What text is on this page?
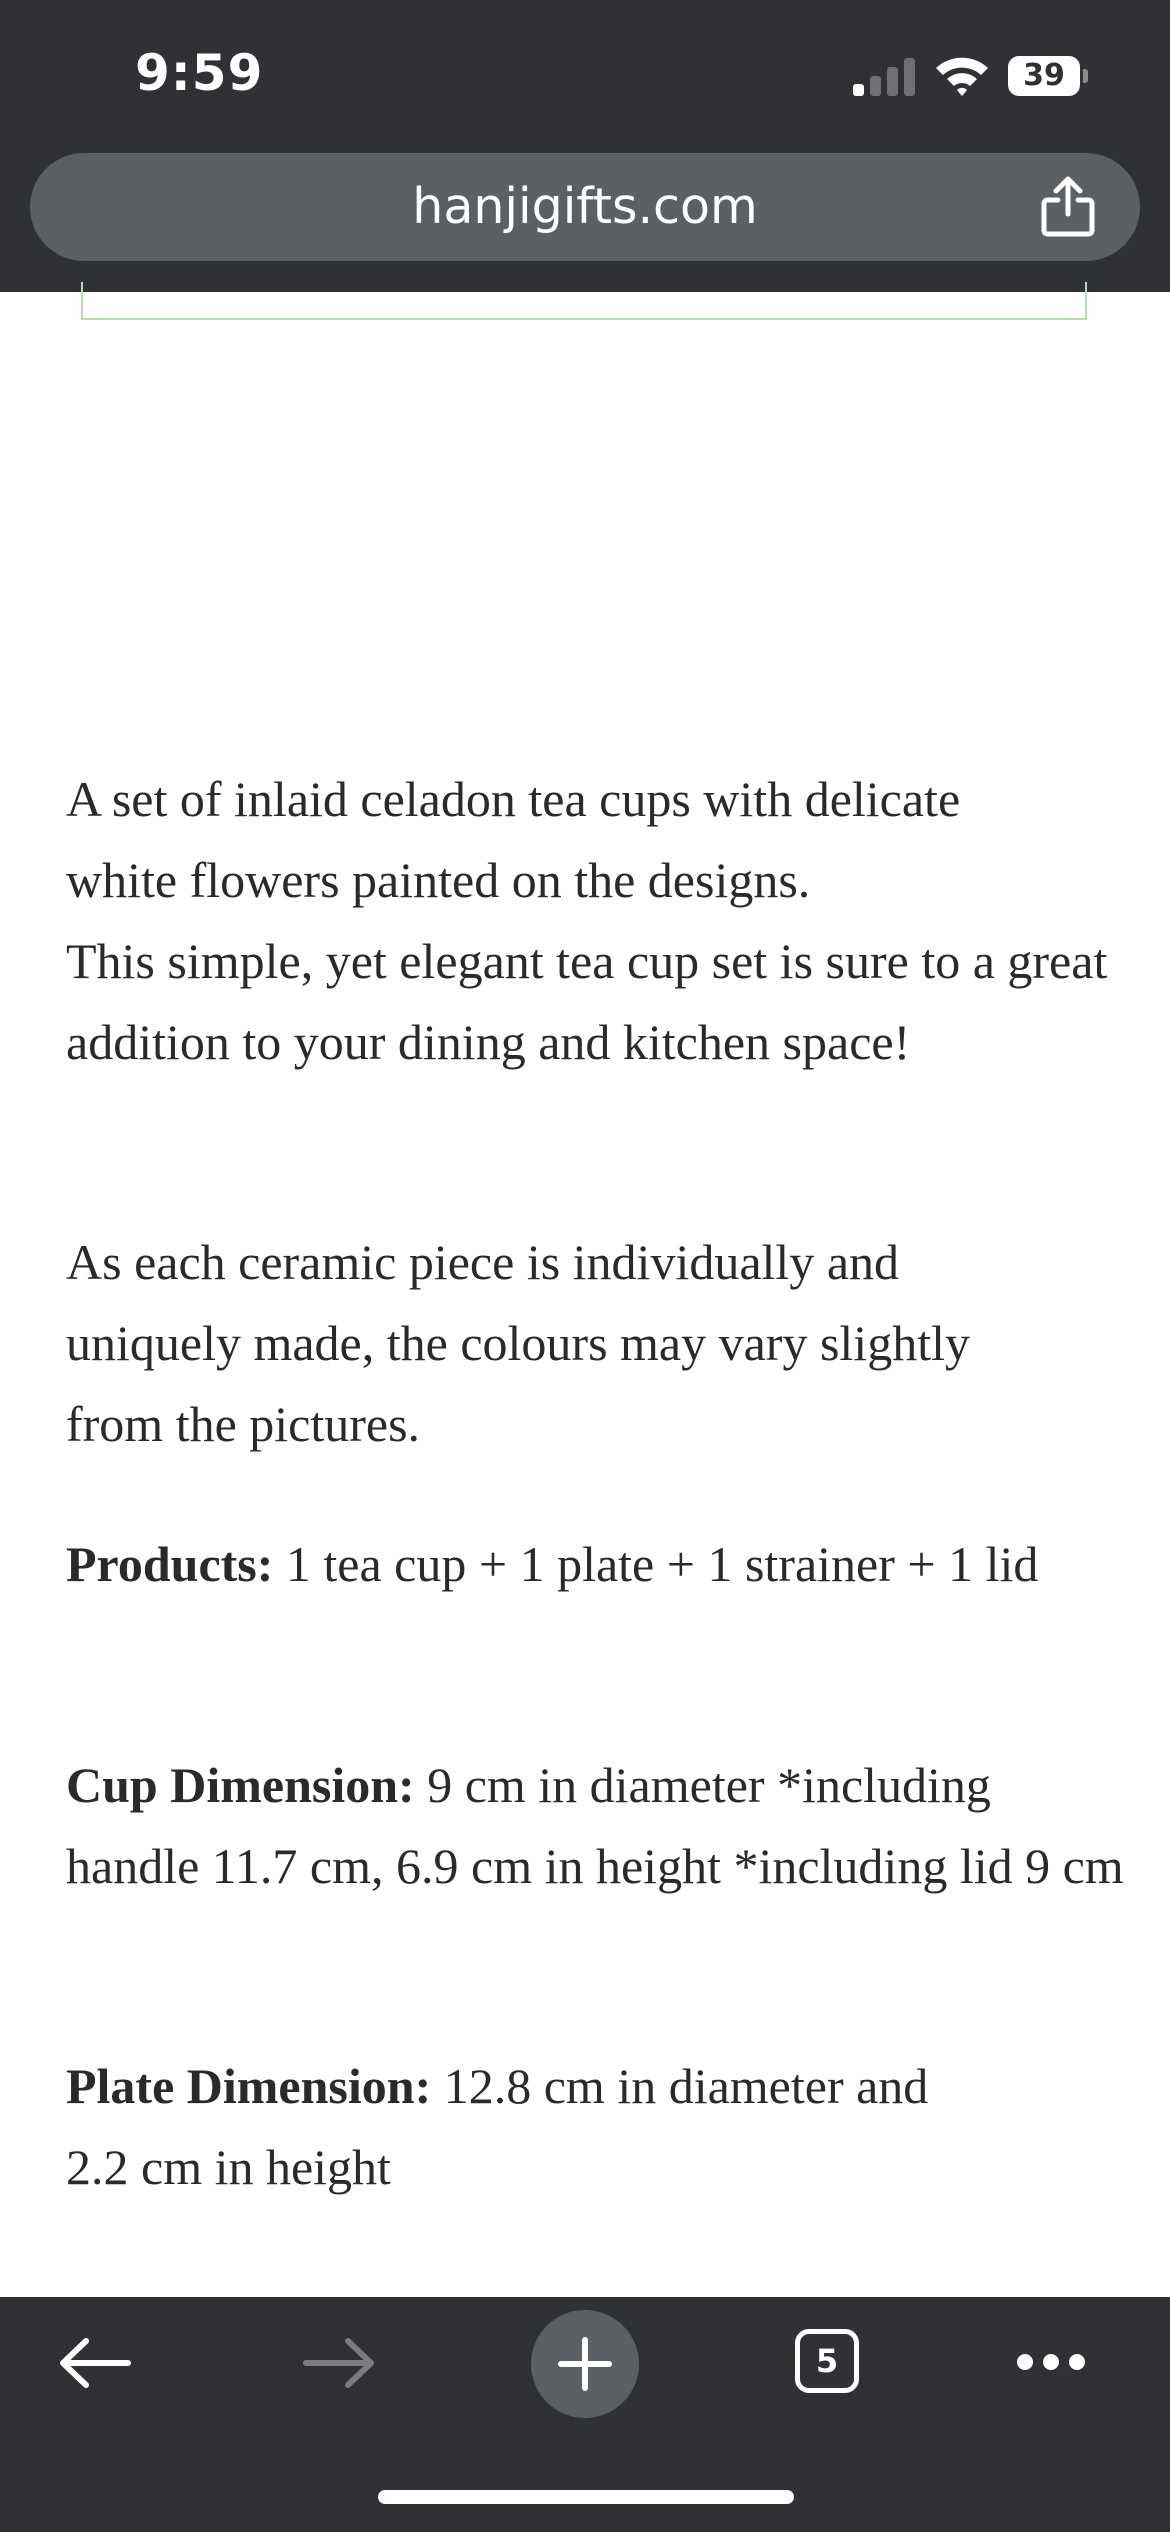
9:59	39
hanjigifts.com

A set of inlaid celadon tea cups with delicate white flowers painted on the designs.

This simple, yet elegant tea cup set is sure to a great addition to your dining and kitchen space!

As each ceramic piece is individually and uniquely made, the colours may vary slightly from the pictures.

Products: 1 tea cup + 1 plate + 1 strainer + 1 lid

Cup Dimension: 9 cm in diameter *including handle 11.7 cm, 6.9 cm in height *including lid 9 cm

Plate Dimension: 12.8 cm in diameter and 2.2 cm in height

5
